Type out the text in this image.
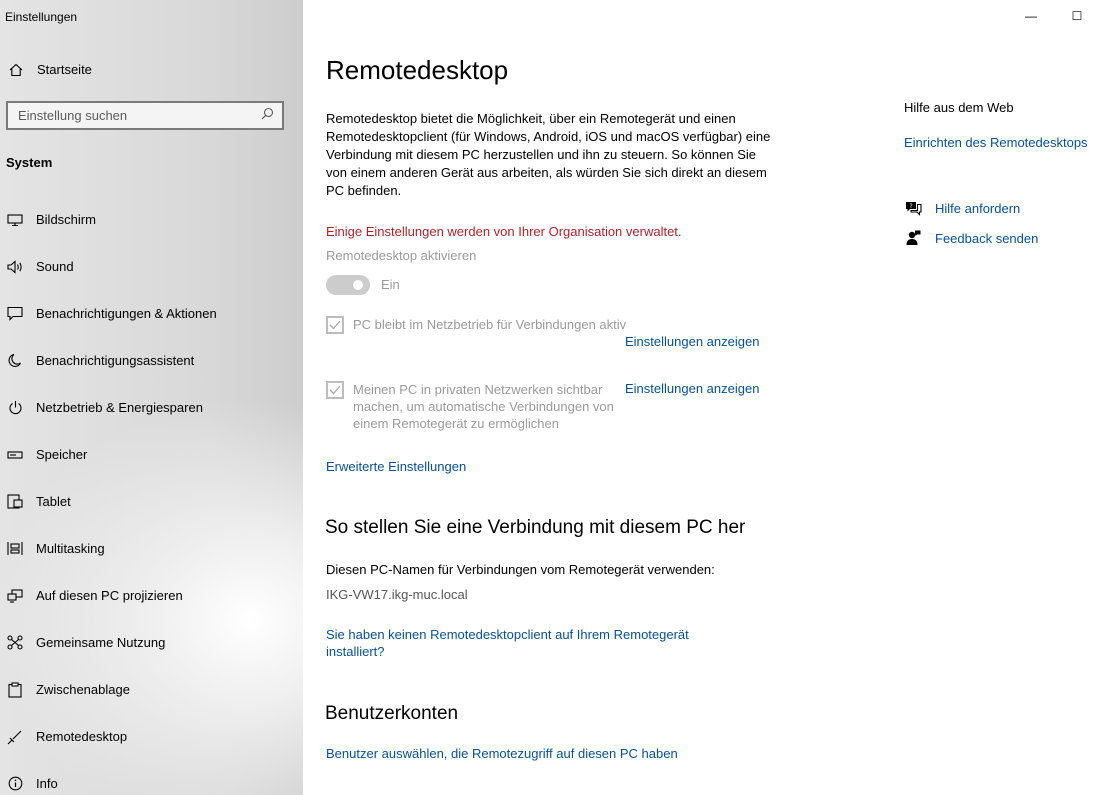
Einstellungen
Startseite
Einstellung suchen
System
Bildschirm
Sound
Benachrichtigungen & Aktionen
Benachrichtigungsassistent
Netzbetrieb & Energiesparen
Speicher
Tablet
Multitasking
Auf diesen PC projizieren
Gemeinsame Nutzung
Zwischenablage
Remotedesktop
Info
—	☐
Remotedesktop
Remotedesktop bietet die Möglichkeit, über ein Remotegerät und einen Remotedesktopclient (für Windows, Android, iOS und macOS verfügbar) eine Verbindung mit diesem PC herzustellen und ihn zu steuern. So können Sie von einem anderen Gerät aus arbeiten, als würden Sie sich direkt an diesem PC befinden.
Einige Einstellungen werden von Ihrer Organisation verwaltet.
Remotedesktop aktivieren
Ein
PC bleibt im Netzbetrieb für Verbindungen aktiv
Einstellungen anzeigen
Meinen PC in privaten Netzwerken sichtbar machen, um automatische Verbindungen von einem Remotegerät zu ermöglichen
Einstellungen anzeigen
Erweiterte Einstellungen
So stellen Sie eine Verbindung mit diesem PC her
Diesen PC-Namen für Verbindungen vom Remotegerät verwenden:
IKG-VW17.ikg-muc.local
Sie haben keinen Remotedesktopclient auf Ihrem Remotegerät installiert?
Benutzerkonten
Benutzer auswählen, die Remotezugriff auf diesen PC haben
Hilfe aus dem Web
Einrichten des Remotedesktops
? Hilfe anfordern
Feedback senden
